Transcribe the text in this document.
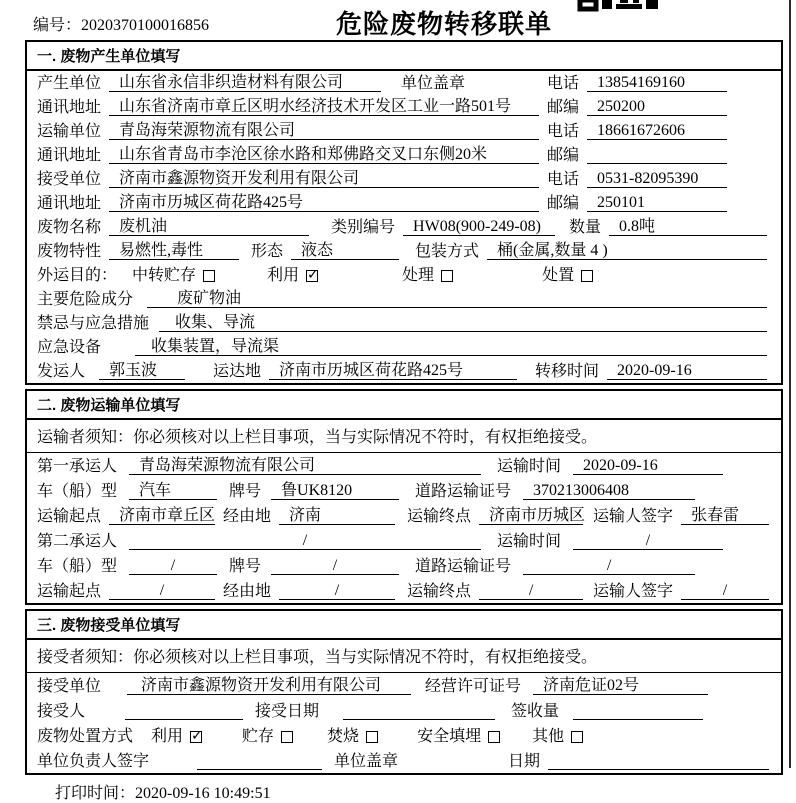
编号：2020370100016856	危险废物转移联单
一. 废物产生单位填写
产生单位	山东省永信非织造材料有限公司	单位盖章	电话	13854169160
通讯地址	山东省济南市章丘区明水经济技术开发区工业一路501号	邮编	250200
运输单位	青岛海荣源物流有限公司	电话	18661672606
通讯地址	山东省青岛市李沧区徐水路和郑佛路交叉口东侧20米	邮编
接受单位	济南市鑫源物资开发利用有限公司	电话	0531-82095390
通讯地址	济南市历城区荷花路425号	邮编	250101
废物名称	废机油	类别编号	HW08(900-249-08)	数量	0.8吨
废物特性	易燃性,毒性	形态	液态	包装方式	桶(金属,数量 4 )
外运目的： 中转贮存	利用 ✓	处理	处置
主要危险成分	废矿物油
禁忌与应急措施	收集、导流
应急设备	收集装置，导流渠
发运人	郭玉波	运达地	济南市历城区荷花路425号	转移时间	2020-09-16
二. 废物运输单位填写
运输者须知：你必须核对以上栏目事项，当与实际情况不符时，有权拒绝接受。
第一承运人	青岛海荣源物流有限公司	运输时间	2020-09-16
车（船）型	汽车	牌号	鲁UK8120	道路运输证号	370213006408
运输起点	济南市章丘区 经由地	济南	运输终点	济南市历城区 运输人签字	张春雷
第二承运人	/	运输时间	/
车（船）型	/	牌号	/	道路运输证号	/
运输起点	/	经由地	/	运输终点	/	运输人签字	/
三. 废物接受单位填写
接受者须知：你必须核对以上栏目事项，当与实际情况不符时，有权拒绝接受。
接受单位	济南市鑫源物资开发利用有限公司	经营许可证号	济南危证02号
接受人	接受日期	签收量
废物处置方式 利用 ✓	贮存	焚烧	安全填埋	其他
单位负责人签字	单位盖章	日期
打印时间：2020-09-16 10:49:51
